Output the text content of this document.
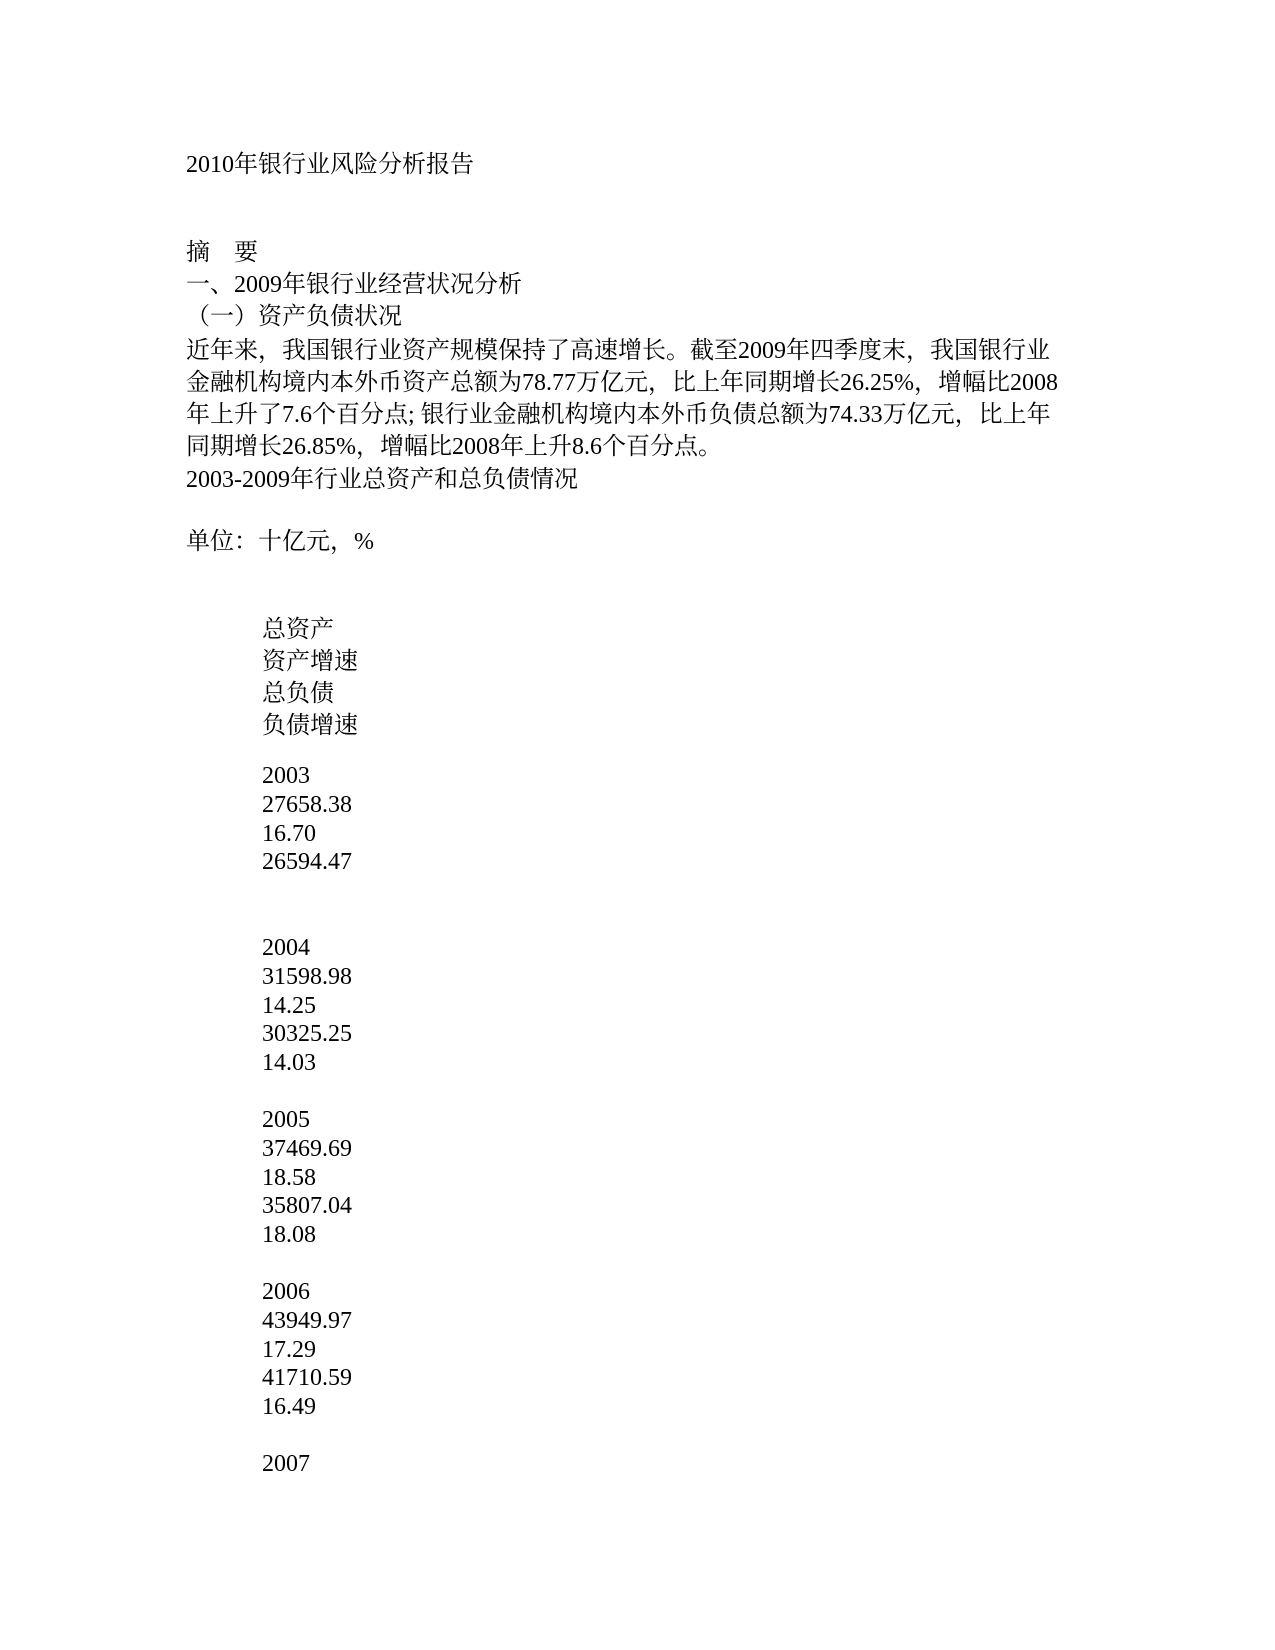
2010年银行业风险分析报告
摘 要
一、2009年银行业经营状况分析
（一）资产负债状况
近年来，我国银行业资产规模保持了高速增长。截至2009年四季度末，我国银行业
金融机构境内本外币资产总额为78.77万亿元，比上年同期增长26.25%，增幅比2008
年上升了7.6个百分点; 银行业金融机构境内本外币负债总额为74.33万亿元，比上年
同期增长26.85%，增幅比2008年上升8.6个百分点。
2003-2009年行业总资产和总负债情况
单位：十亿元，%
总资产
资产增速
总负债
负债增速
2003
27658.38
16.70
26594.47
2004
31598.98
14.25
30325.25
14.03
2005
37469.69
18.58
35807.04
18.08
2006
43949.97
17.29
41710.59
16.49
2007
